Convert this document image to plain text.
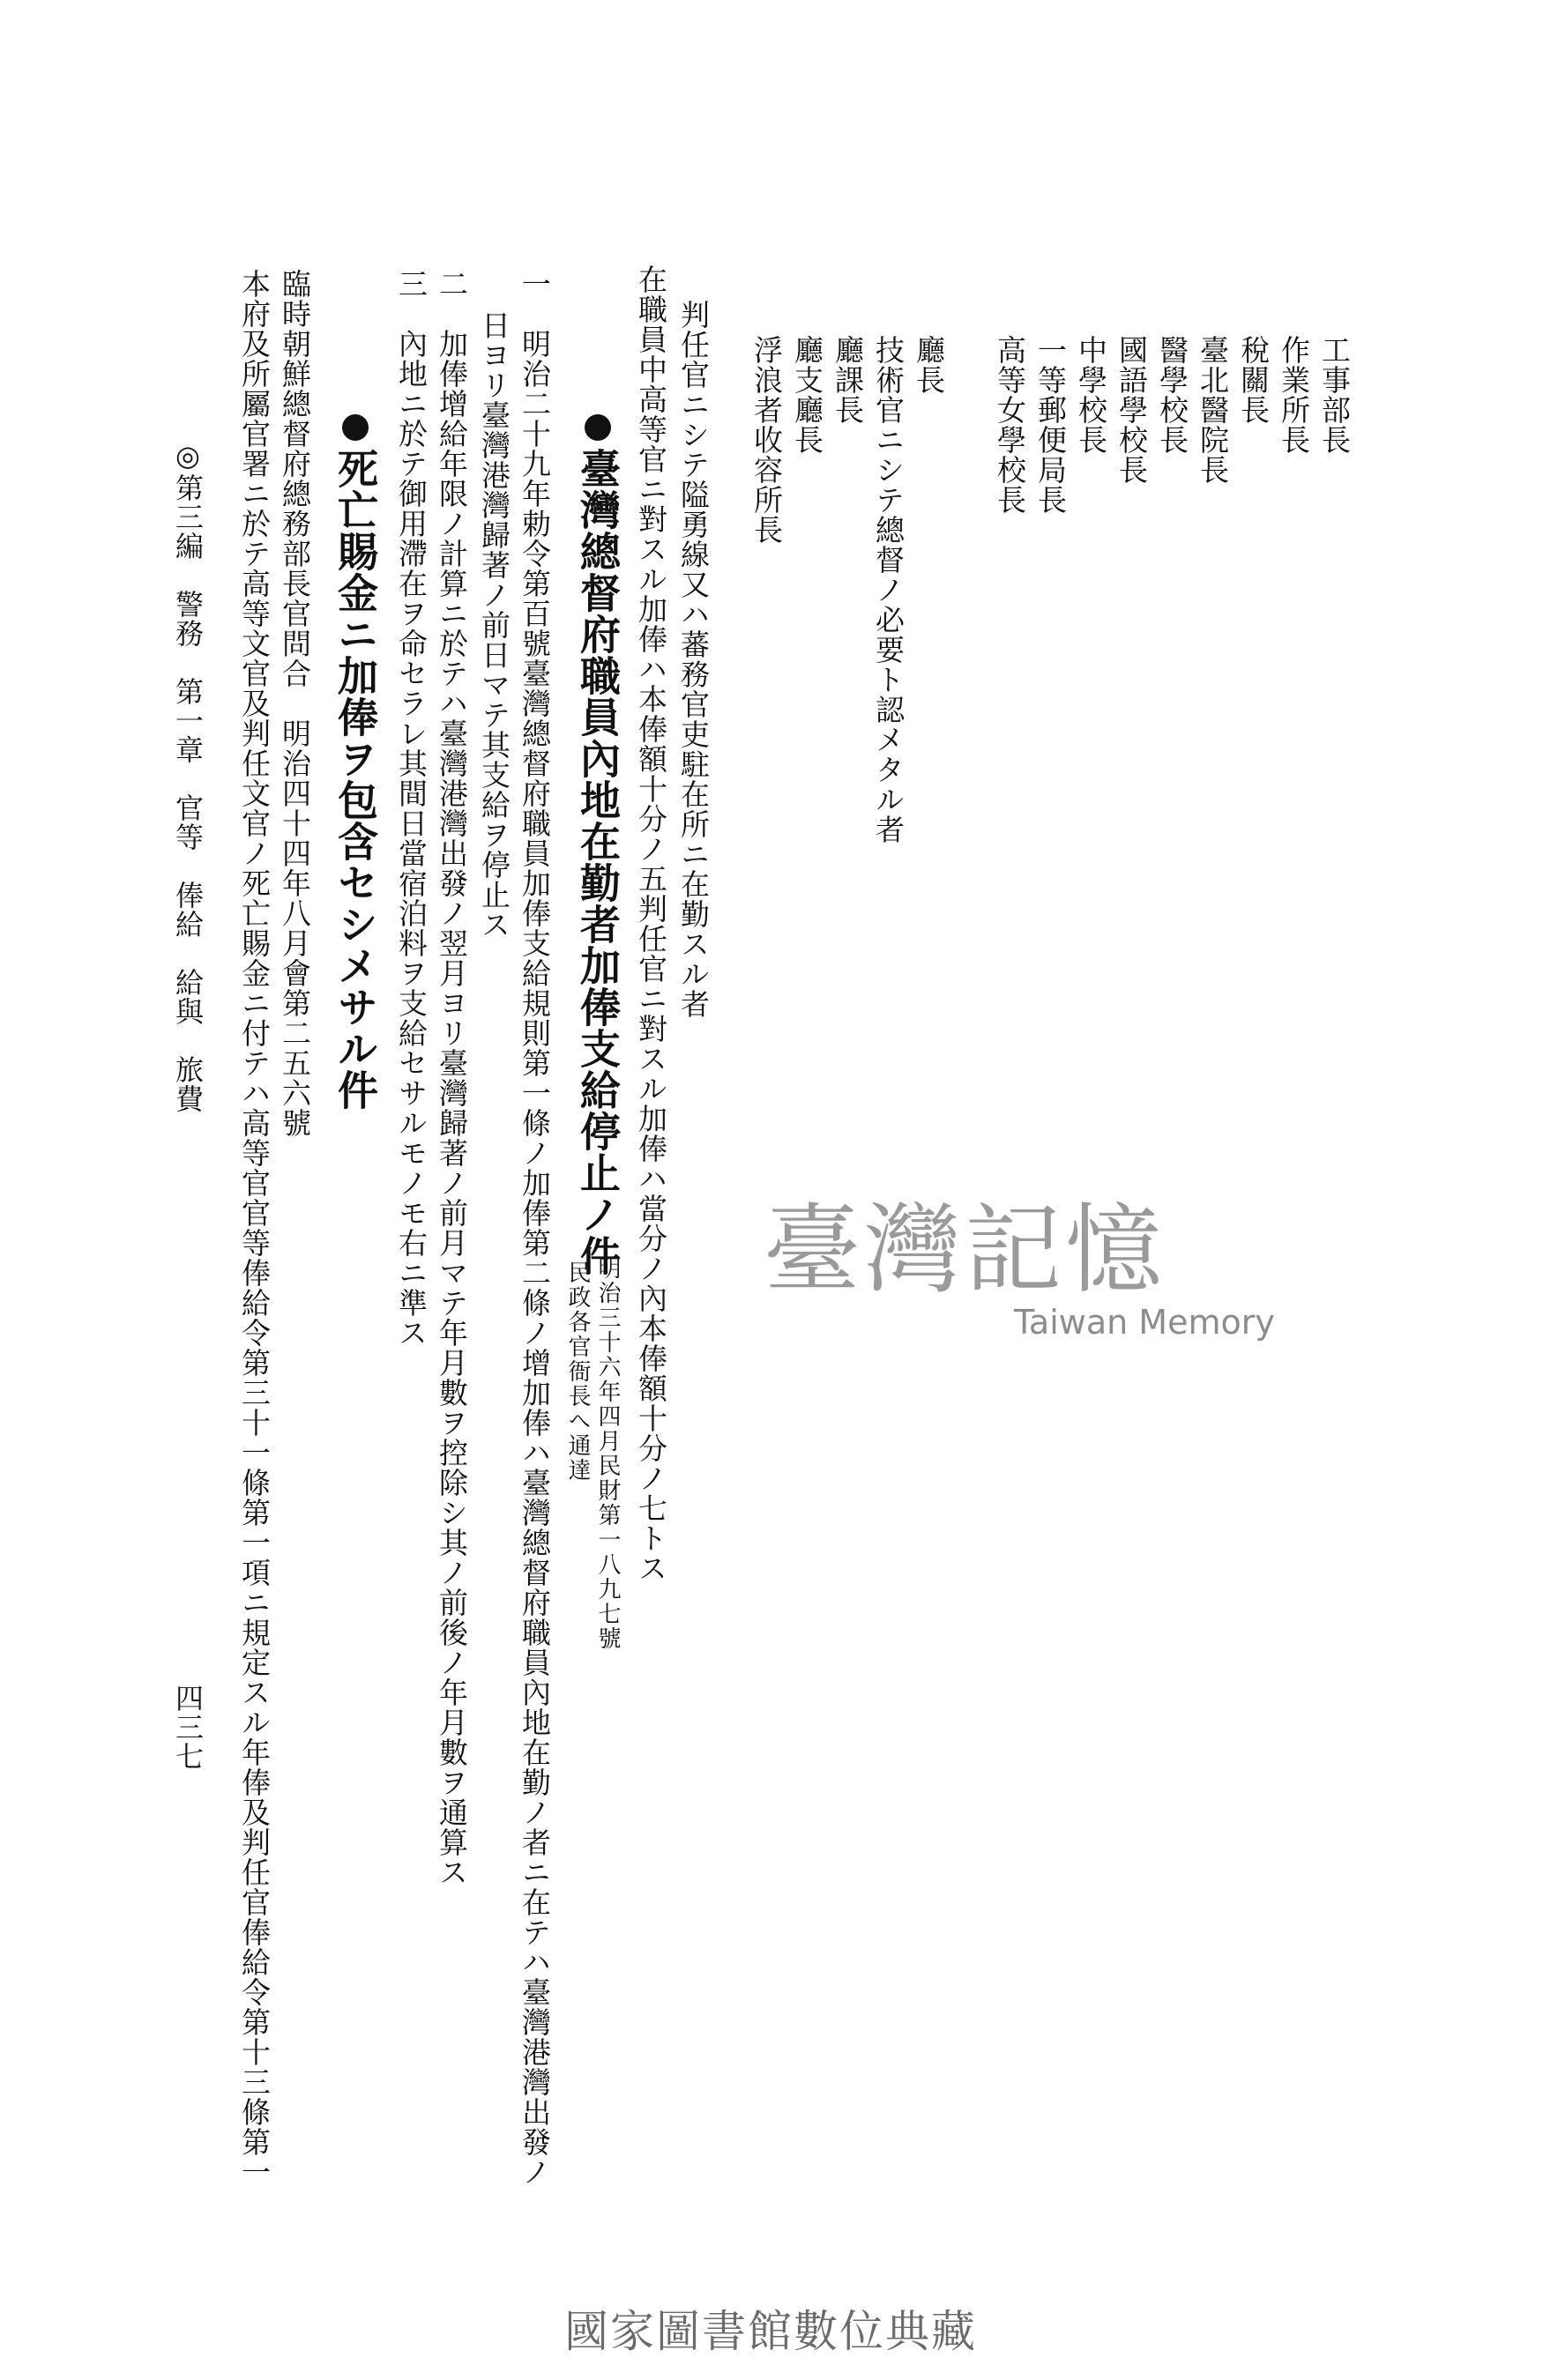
工事部長
作業所長
稅關長
臺北醫院長
醫學校長
國語學校長
中學校長
一等郵便局長
高等女學校長
廳長
技術官ニシテ總督ノ必要ト認メタル者
廳課長
廳支廳長
浮浪者收容所長
判任官ニシテ隘勇線又ハ蕃務官吏駐在所ニ在勤スル者
在職員中高等官ニ對スル加俸ハ本俸額十分ノ五判任官ニ對スル加俸ハ當分ノ內本俸額十分ノ七トス
明治三十六年四月民財第一八九七號
民政各官衙長へ通達
臺灣總督府職員內地在勤者加俸支給停止ノ件
一　明治二十九年勅令第百號臺灣總督府職員加俸支給規則第一條ノ加俸第二條ノ增加俸ハ臺灣總督府職員內地在勤ノ者ニ在テハ臺灣港灣出發ノ
日ヨリ臺灣港灣歸著ノ前日マテ其支給ヲ停止ス
二　加俸增給年限ノ計算ニ於テハ臺灣港灣出發ノ翌月ヨリ臺灣歸著ノ前月マテ年月數ヲ控除シ其ノ前後ノ年月數ヲ通算ス
三　內地ニ於テ御用滯在ヲ命セラレ其間日當宿泊料ヲ支給セサルモノモ右ニ準ス
死亡賜金ニ加俸ヲ包含セシメサル件
臨時朝鮮總督府總務部長官問合　明治四十四年八月會第二五六號
本府及所屬官署ニ於テ高等文官及判任文官ノ死亡賜金ニ付テハ高等官官等俸給令第三十一條第一項ニ規定スル年俸及判任官俸給令第十三條第一
◎第三編　警務　第一章　官等　俸給　給與　旅費
四三七
臺灣記憶
Taiwan Memory
國家圖書館數位典藏
